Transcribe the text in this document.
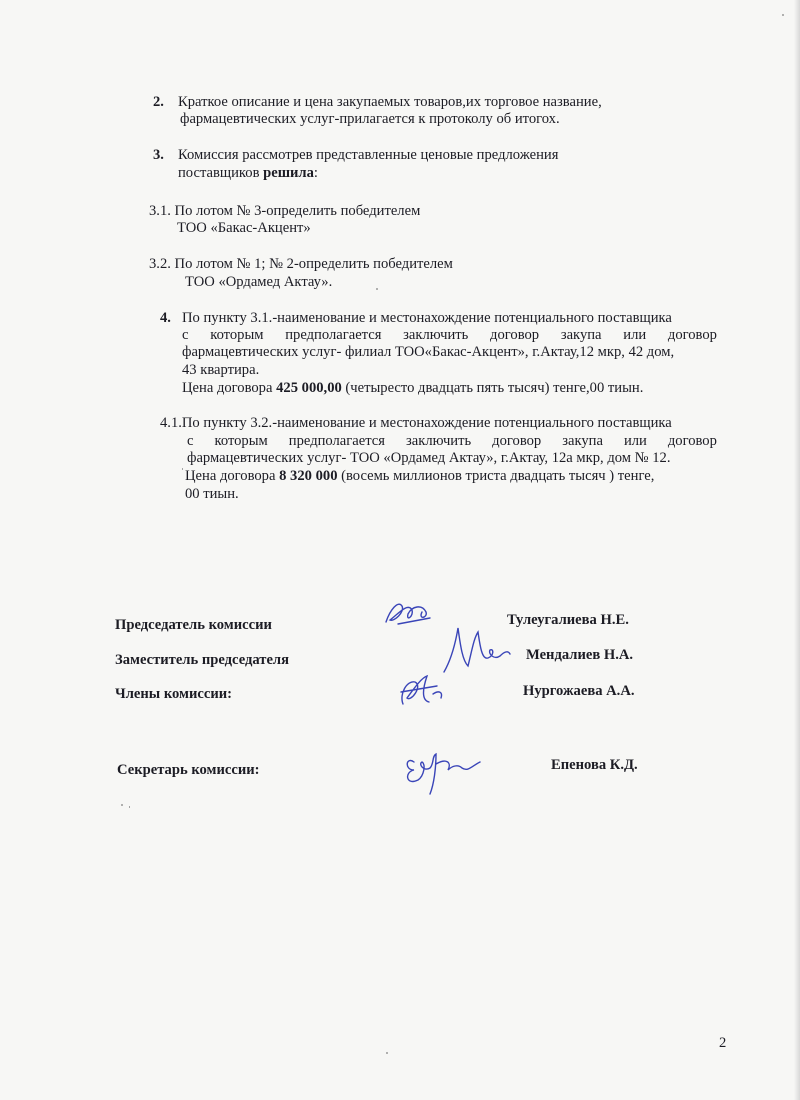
2. Краткое описание и цена закупаемых товаров,их торговое название,
фармацевтических услуг-прилагается к протоколу об итогох.
3. Комиссия рассмотрев представленные ценовые предложения
поставщиков решила:
3.1. По лотом № 3-определить победителем
ТОО «Бакас-Акцент»
3.2. По лотом № 1; № 2-определить победителем
ТОО «Ордамед Актау».
4. По пункту 3.1.-наименование и местонахождение потенциального поставщика
с которым предполагается заключить договор закупа или договор
фармацевтических услуг- филиал ТОО«Бакас-Акцент», г.Актау,12 мкр, 42 дом,
43 квартира.
Цена договора 425 000,00 (четыресто двадцать пять тысяч) тенге,00 тиын.
4.1.По пункту 3.2.-наименование и местонахождение потенциального поставщика
с которым предполагается заключить договор закупа или договор
фармацевтических услуг- ТОО «Ордамед Актау», г.Актау, 12а мкр, дом № 12.
Цена договора 8 320 000 (восемь миллионов триста двадцать тысяч ) тенге,
00 тиын.
Председатель комиссии	Тулеугалиева Н.Е.
Заместитель председателя	Мендалиев Н.А.
Члены комиссии:	Нургожаева А.А.
Секретарь комиссии:	Епенова К.Д.
2
